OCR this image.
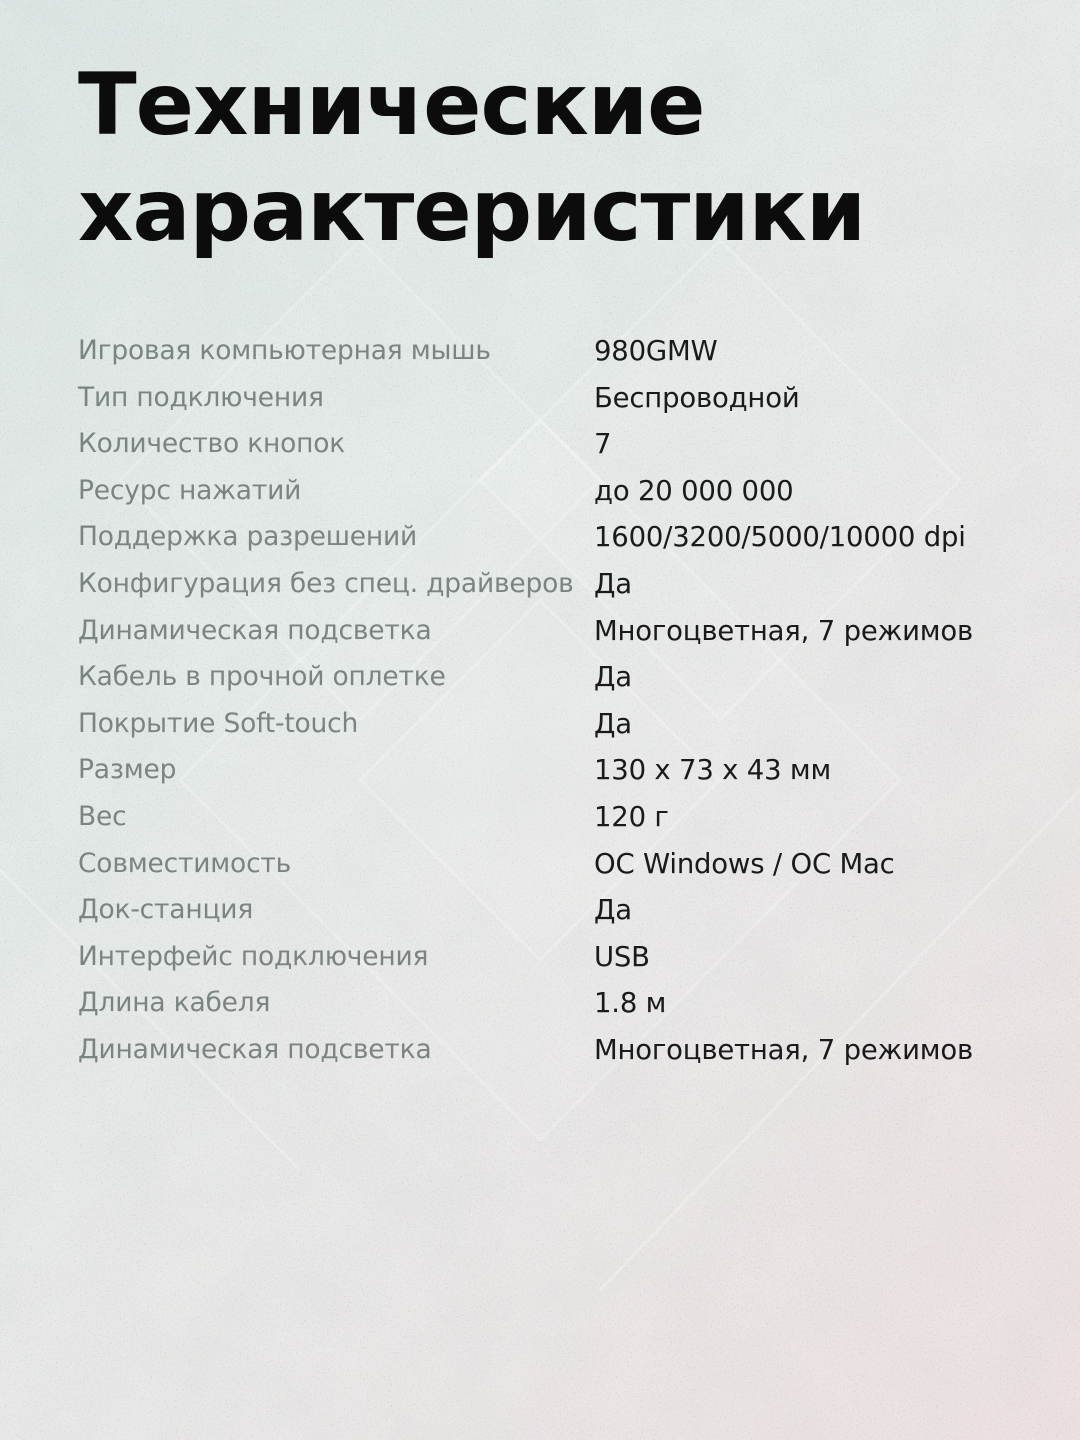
Технические
характеристики
Игровая компьютерная мышь	980GMW
Тип подключения	Беспроводной
Количество кнопок	7
Ресурс нажатий	до 20 000 000
Поддержка разрешений	1600/3200/5000/10000 dpi
Конфигурация без спец. драйверов Да
Динамическая подсветка	Многоцветная, 7 режимов
Кабель в прочной оплетке	Да
Покрытие Soft-touch	Да
Размер	130 х 73 х 43 мм
Вес	120 г
Совместимость	ОС Windows / ОС Mac
Док-станция	Да
Интерфейс подключения	USB
Длина кабеля	1.8 м
Динамическая подсветка	Многоцветная, 7 режимов
